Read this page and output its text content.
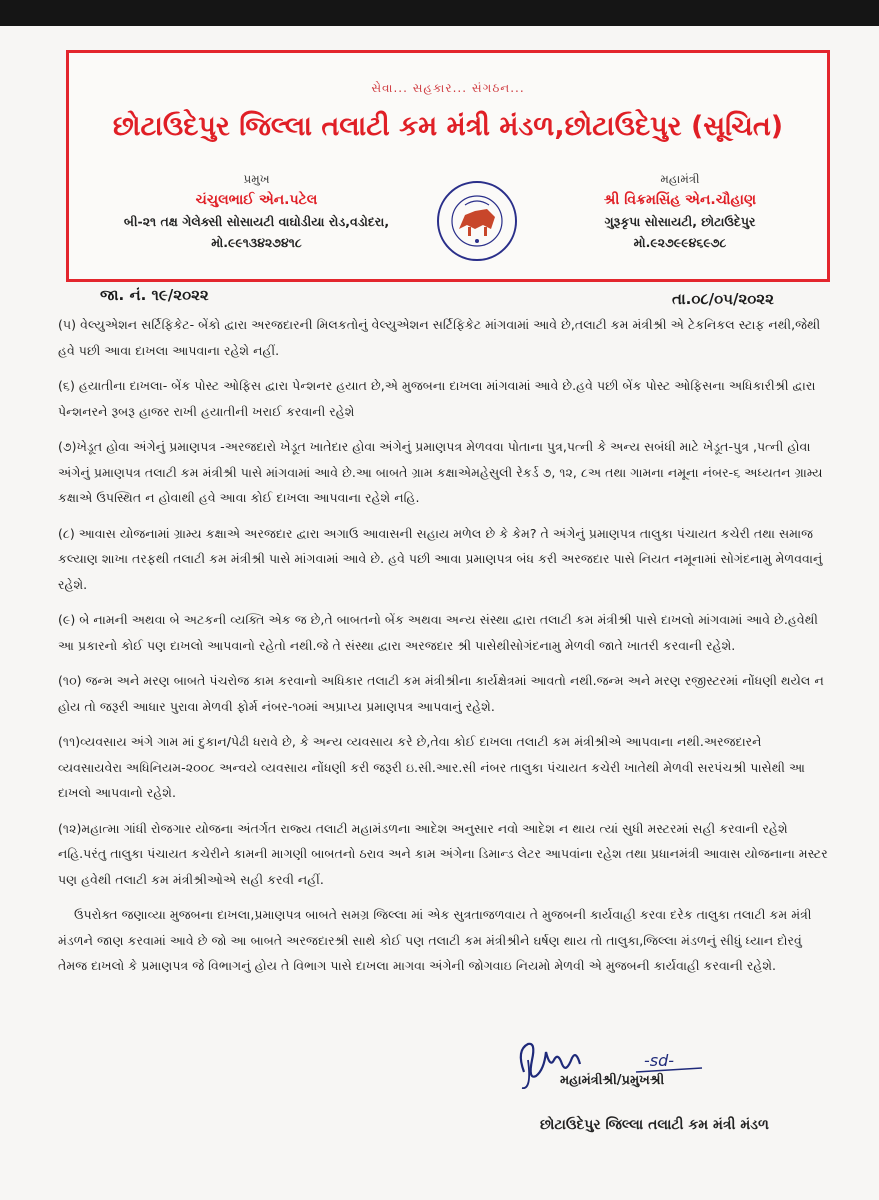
સેવા... સહકાર... સંગઠન...
છોટાઉદેપુર જિલ્લા તલાટી કમ મંત્રી મંડળ,છોટાઉદેપુર (સૂચિત)
પ્રમુખ
ચંચુલભાઈ એન.પટેલ
બી-૨૧ તક્ષ ગેલેક્સી સોસાયટી વાઘોડીયા રોડ,વડોદરા,
મો.૯૯૧૩૪૨૭૪૧૮
મહામંત્રી
શ્રી વિક્રમસિંહ એન.ચૌહાણ
ગુરૂકૃપા સોસાયટી, છોટાઉદેપુર
મો.૯૨૭૯૯૪૬૯૭૮
જા. નં. ૧૯/૨૦૨૨	તા.૦૮/૦૫/૨૦૨૨

(૫) વેલ્યુએશન સર્ટિફિકેટ- બેંકો દ્વારા અરજદારની મિલકતોનું વેલ્યુએશન સર્ટિફિકેટ માંગવામાં આવે છે,તલાટી કમ મંત્રીશ્રી એ ટેકનિકલ સ્ટાફ નથી,જેથી હવે પછી આવા દાખલા આપવાના રહેશે નહીં.

(૬) હયાતીના દાખલા- બેંક પોસ્ટ ઓફિસ દ્વારા પેન્શનર હયાત છે,એ મુજબના દાખલા માંગવામાં આવે છે.હવે પછી બેંક પોસ્ટ ઓફિસના અધિકારીશ્રી દ્વારા પેન્શનરને રૂબરૂ હાજર રાખી હયાતીની ખરાઈ કરવાની રહેશે

(૭)ખેડૂત હોવા અંગેનું પ્રમાણપત્ર -અરજદારો ખેડૂત ખાતેદાર હોવા અંગેનું પ્રમાણપત્ર મેળવવા પોતાના પુત્ર,પત્ની કે અન્ય સબંધી માટે ખેડૂત-પુત્ર ,પત્ની હોવા અંગેનું પ્રમાણપત્ર તલાટી કમ મંત્રીશ્રી પાસે માંગવામાં આવે છે.આ બાબતે ગ્રામ કક્ષાએમહેસુલી રેકર્ડ ૭, ૧૨, ૮અ તથા ગામના નમૂના નંબર-૬ અધ્યતન ગ્રામ્ય કક્ષાએ ઉપસ્થિત ન હોવાથી હવે આવા કોઈ દાખલા આપવાના રહેશે નહિ.

(૮) આવાસ યોજનામાં ગ્રામ્ય કક્ષાએ અરજદાર દ્વારા અગાઉ આવાસની સહાય મળેલ છે કે કેમ? તે અંગેનું પ્રમાણપત્ર તાલુકા પંચાયત કચેરી તથા સમાજ કલ્યાણ શાખા તરફથી તલાટી કમ મંત્રીશ્રી પાસે માંગવામાં આવે છે. હવે પછી આવા પ્રમાણપત્ર બંધ કરી અરજદાર પાસે નિયત નમૂનામાં સોગંદનામુ મેળવવાનું રહેશે.

(૯) બે નામની અથવા બે અટકની વ્યક્તિ એક જ છે,તે બાબતનો બેંક અથવા અન્ય સંસ્થા દ્વારા તલાટી કમ મંત્રીશ્રી પાસે દાખલો માંગવામાં આવે છે.હવેથી આ પ્રકારનો કોઈ પણ દાખલો આપવાનો રહેતો નથી.જે તે સંસ્થા દ્વારા અરજદાર શ્રી પાસેથીસોગંદનામુ મેળવી જાતે ખાતરી કરવાની રહેશે.

(૧૦) જન્મ અને મરણ બાબતે પંચરોજ કામ કરવાનો અધિકાર તલાટી કમ મંત્રીશ્રીના કાર્યક્ષેત્રમાં આવતો નથી.જન્મ અને મરણ રજીસ્ટરમાં નોંધણી થયેલ ન હોય તો જરૂરી આધાર પુરાવા મેળવી ફોર્મ નંબર-૧૦માં અપ્રાપ્ય પ્રમાણપત્ર આપવાનું રહેશે.

(૧૧)વ્યવસાય અંગે ગામ માં દુકાન/પેઢી ધરાવે છે, કે અન્ય વ્યવસાય કરે છે,તેવા કોઈ દાખલા તલાટી કમ મંત્રીશ્રીએ આપવાના નથી.અરજદારને વ્યવસાયવેરા અધિનિયમ-૨૦૦૮ અન્વયે વ્યવસાય નોંધણી કરી જરૂરી ઇ.સી.આર.સી નંબર તાલુકા પંચાયત કચેરી ખાતેથી મેળવી સરપંચશ્રી પાસેથી આ દાખલો આપવાનો રહેશે.

(૧૨)મહાત્મા ગાંધી રોજગાર યોજના અંતર્ગત રાજ્ય તલાટી મહામંડળના આદેશ અનુસાર નવો આદેશ ન થાય ત્યાં સુધી મસ્ટરમાં સહી કરવાની રહેશે નહિ.પરંતુ તાલુકા પંચાયત કચેરીને કામની માગણી બાબતનો ઠરાવ અને કામ અંગેના ડિમાન્ડ લેટર આપવાંના રહેશ તથા પ્રધાનમંત્રી આવાસ યોજનાના મસ્ટર પણ હવેથી તલાટી કમ મંત્રીશ્રીઓએ સહી કરવી નહીં.

ઉપરોક્ત જણાવ્યા મુજબના દાખલા,પ્રમાણપત્ર બાબતે સમગ્ર જિલ્લા માં એક સુત્રતાજળવાય તે મુજબની કાર્યવાહી કરવા દરેક તાલુકા તલાટી કમ મંત્રી મંડળને જાણ કરવામાં આવે છે જો આ બાબતે અરજદારશ્રી સાથે કોઈ પણ તલાટી કમ મંત્રીશ્રીને ઘર્ષણ થાય તો તાલુકા,જિલ્લા મંડળનું સીધું ધ્યાન દોરવું તેમજ દાખલો કે પ્રમાણપત્ર જે વિભાગનું હોય તે વિભાગ પાસે દાખલા માગવા અંગેની જોગવાઇ નિયમો મેળવી એ મુજબની કાર્યવાહી કરવાની રહેશે.

-sd-
મહામંત્રીશ્રી/પ્રમુખશ્રી
છોટાઉદેપુર જિલ્લા તલાટી કમ મંત્રી મંડળ
